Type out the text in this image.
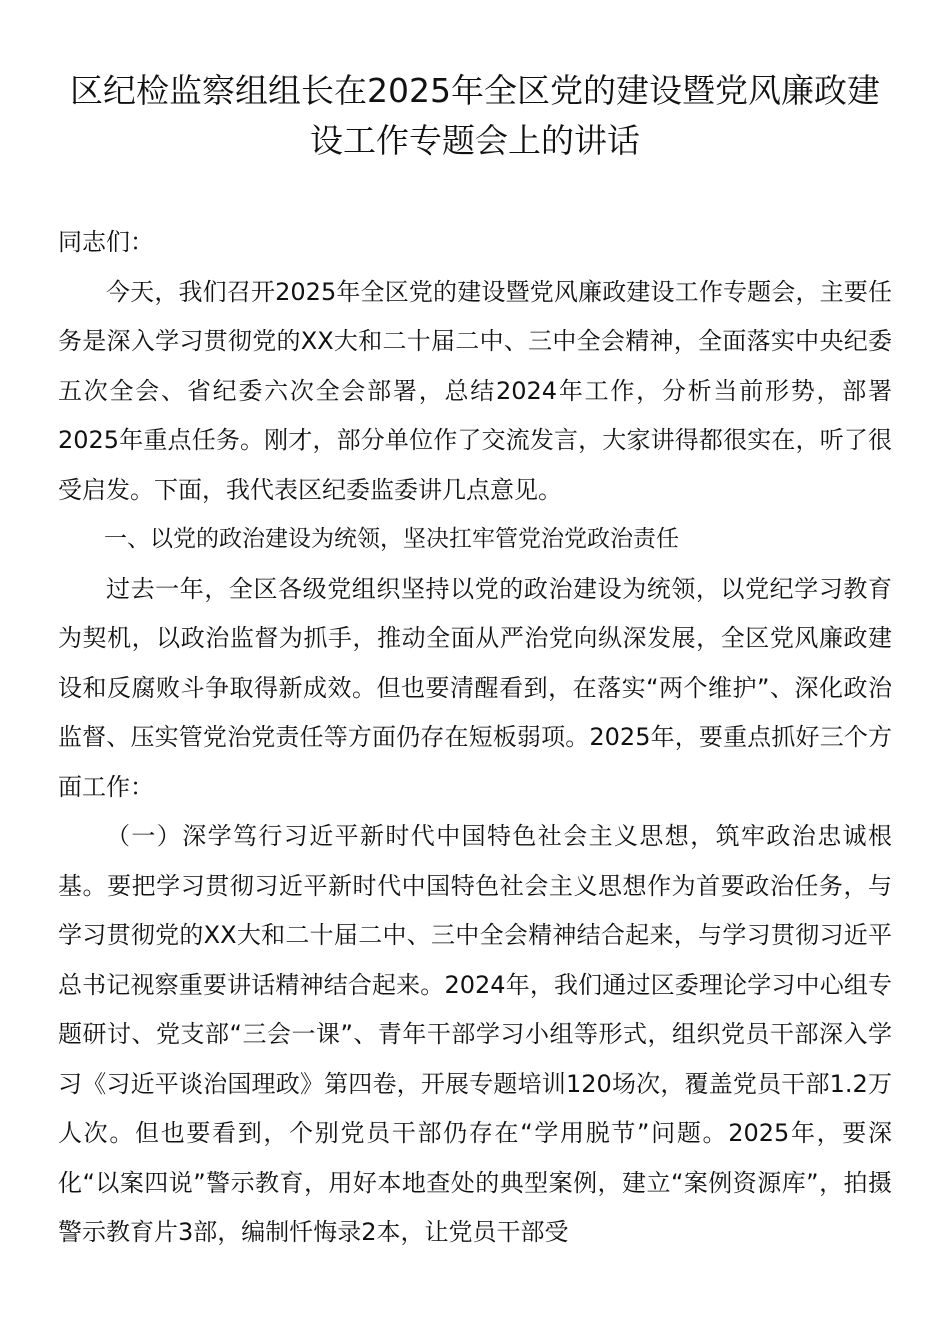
区纪检监察组组长在2025年全区党的建设暨党风廉政建设工作专题会上的讲话

同志们：

今天，我们召开2025年全区党的建设暨党风廉政建设工作专题会，主要任务是深入学习贯彻党的XX大和二十届二中、三中全会精神，全面落实中央纪委五次全会、省纪委六次全会部署，总结2024年工作，分析当前形势，部署2025年重点任务。刚才，部分单位作了交流发言，大家讲得都很实在，听了很受启发。下面，我代表区纪委监委讲几点意见。

一、以党的政治建设为统领，坚决扛牢管党治党政治责任

过去一年，全区各级党组织坚持以党的政治建设为统领，以党纪学习教育为契机，以政治监督为抓手，推动全面从严治党向纵深发展，全区党风廉政建设和反腐败斗争取得新成效。但也要清醒看到，在落实“两个维护”、深化政治监督、压实管党治党责任等方面仍存在短板弱项。2025年，要重点抓好三个方面工作：

（一）深学笃行习近平新时代中国特色社会主义思想，筑牢政治忠诚根基。要把学习贯彻习近平新时代中国特色社会主义思想作为首要政治任务，与学习贯彻党的XX大和二十届二中、三中全会精神结合起来，与学习贯彻习近平总书记视察重要讲话精神结合起来。2024年，我们通过区委理论学习中心组专题研讨、党支部“三会一课”、青年干部学习小组等形式，组织党员干部深入学习《习近平谈治国理政》第四卷，开展专题培训120场次，覆盖党员干部1.2万人次。但也要看到，个别党员干部仍存在“学用脱节”问题。2025年，要深化“以案四说”警示教育，用好本地查处的典型案例，建立“案例资源库”，拍摄警示教育片3部，编制忏悔录2本，让党员干部受
